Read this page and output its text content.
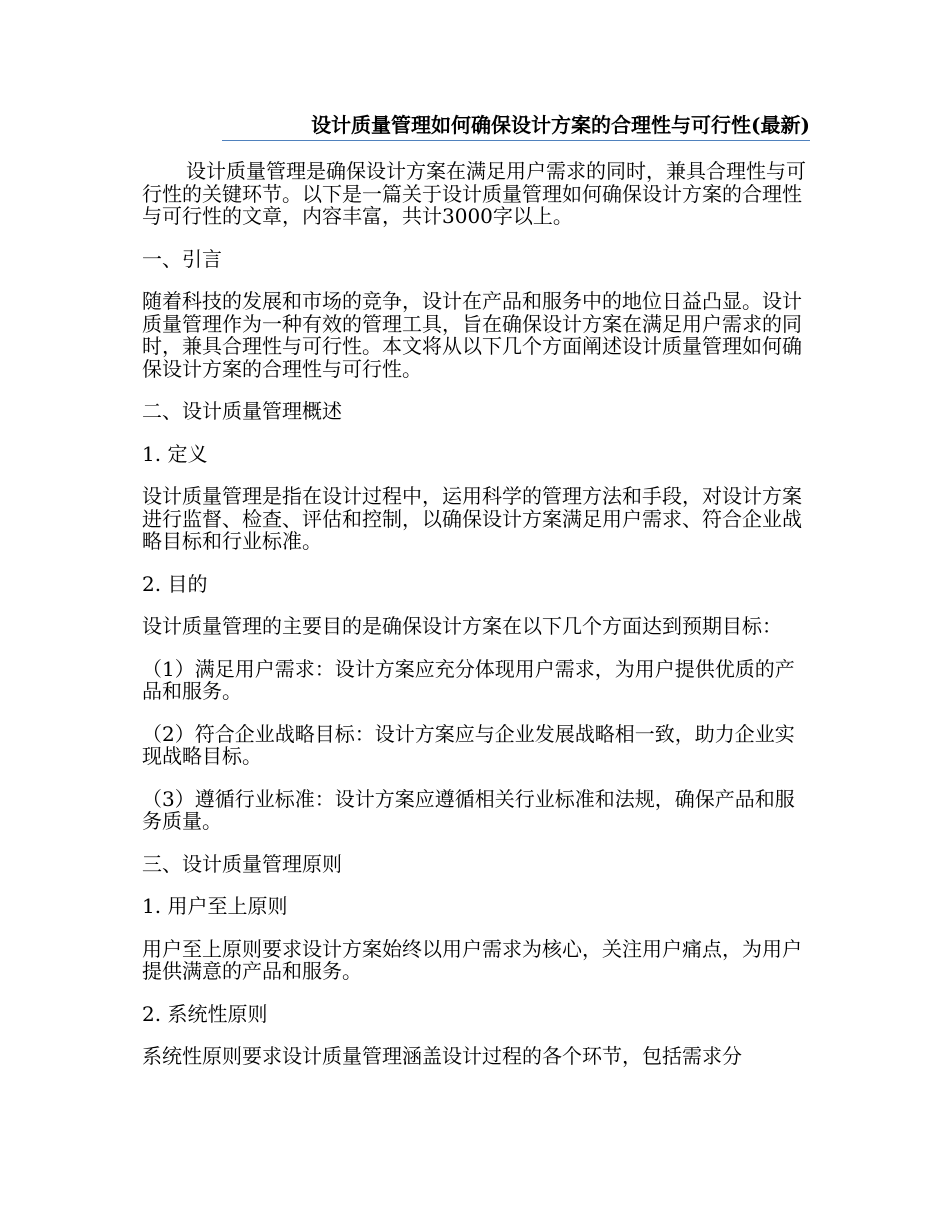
设计质量管理如何确保设计方案的合理性与可行性(最新)

设计质量管理是确保设计方案在满足用户需求的同时，兼具合理性与可行性的关键环节。以下是一篇关于设计质量管理如何确保设计方案的合理性与可行性的文章，内容丰富，共计3000字以上。

一、引言

随着科技的发展和市场的竞争，设计在产品和服务中的地位日益凸显。设计质量管理作为一种有效的管理工具，旨在确保设计方案在满足用户需求的同时，兼具合理性与可行性。本文将从以下几个方面阐述设计质量管理如何确保设计方案的合理性与可行性。

二、设计质量管理概述

1. 定义

设计质量管理是指在设计过程中，运用科学的管理方法和手段，对设计方案进行监督、检查、评估和控制，以确保设计方案满足用户需求、符合企业战略目标和行业标准。

2. 目的

设计质量管理的主要目的是确保设计方案在以下几个方面达到预期目标：

（1）满足用户需求：设计方案应充分体现用户需求，为用户提供优质的产品和服务。

（2）符合企业战略目标：设计方案应与企业发展战略相一致，助力企业实现战略目标。

（3）遵循行业标准：设计方案应遵循相关行业标准和法规，确保产品和服务质量。

三、设计质量管理原则

1. 用户至上原则

用户至上原则要求设计方案始终以用户需求为核心，关注用户痛点，为用户提供满意的产品和服务。

2. 系统性原则

系统性原则要求设计质量管理涵盖设计过程的各个环节，包括需求分
